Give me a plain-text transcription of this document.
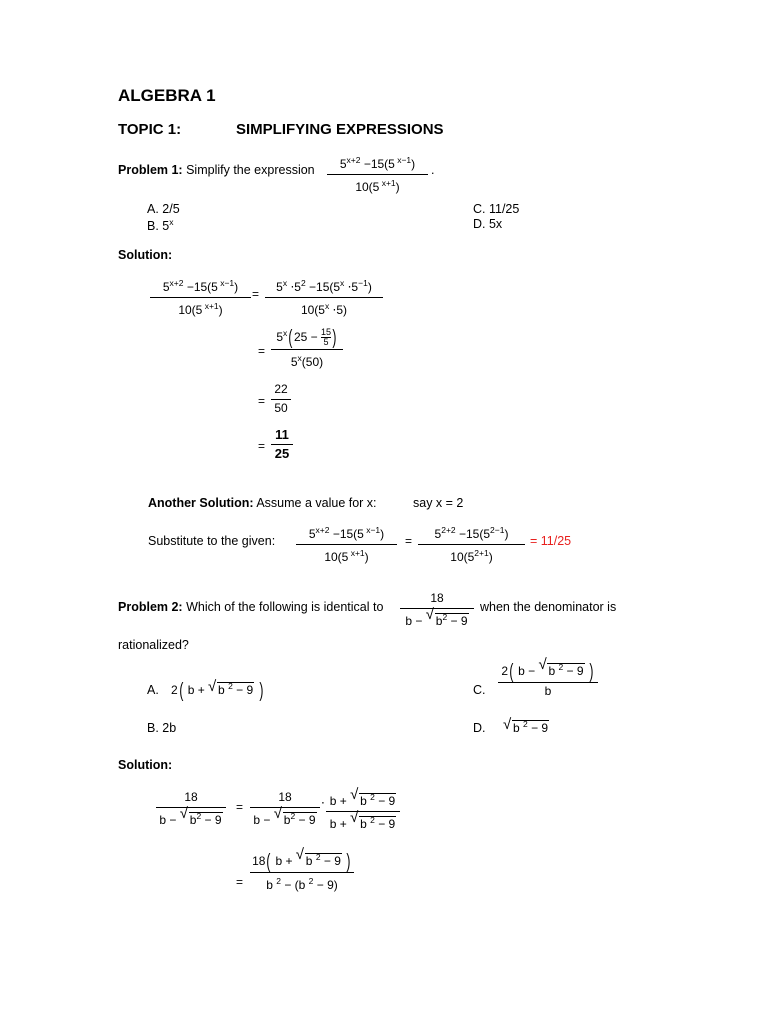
ALGEBRA 1
TOPIC 1:	SIMPLIFYING EXPRESSIONS
Problem 1: Simplify the expression	$5^{x+2} -15(5$ $^{x-1}$)
10(5 $^{x+1}$)
.
A. 2/5
B. 5$^x$
C. 11/25
D. 5x
Solution:
$5^{x+2} -15(5$ $^{x-1}$)
10(5 $^{x+1}$)
=	$5^x \cdot 5^2 -15(5^x \cdot 5^{-1})$
$10(5^x \cdot 5)$
=
$5^x(25 - \frac{15}{5}$ )
$5^x(50)$
=
22
50
=
11
25
Another Solution: Assume a value for x:	say x = 2
Substitute to the given:	$5^{x+2} -15(5$ $^{x-1}$)
10(5 $^{x+1}$)
=	$5^{2+2} -15(5^{2-1})$
$10(5^{2+1})$
= 11/25
Problem 2: Which of the following is identical to
18
b − √ $b^2 - 9$
when the denominator is
rationalized?
A. 2( b + √ b $^2$ − 9 )	C.
2( b − √ b $^2$ − 9 )
b
B. 2b	D. √ b $^2$ − 9
Solution:
18
b − √ $b^2 - 9$
=
18
b − √ $b^2 - 9$
⋅ b + √ b $^2$ − 9
b + √ b $^2$ − 9
=
18( b + √ b $^2$ − 9 )
b $^2$ − (b $^2$ − 9)
